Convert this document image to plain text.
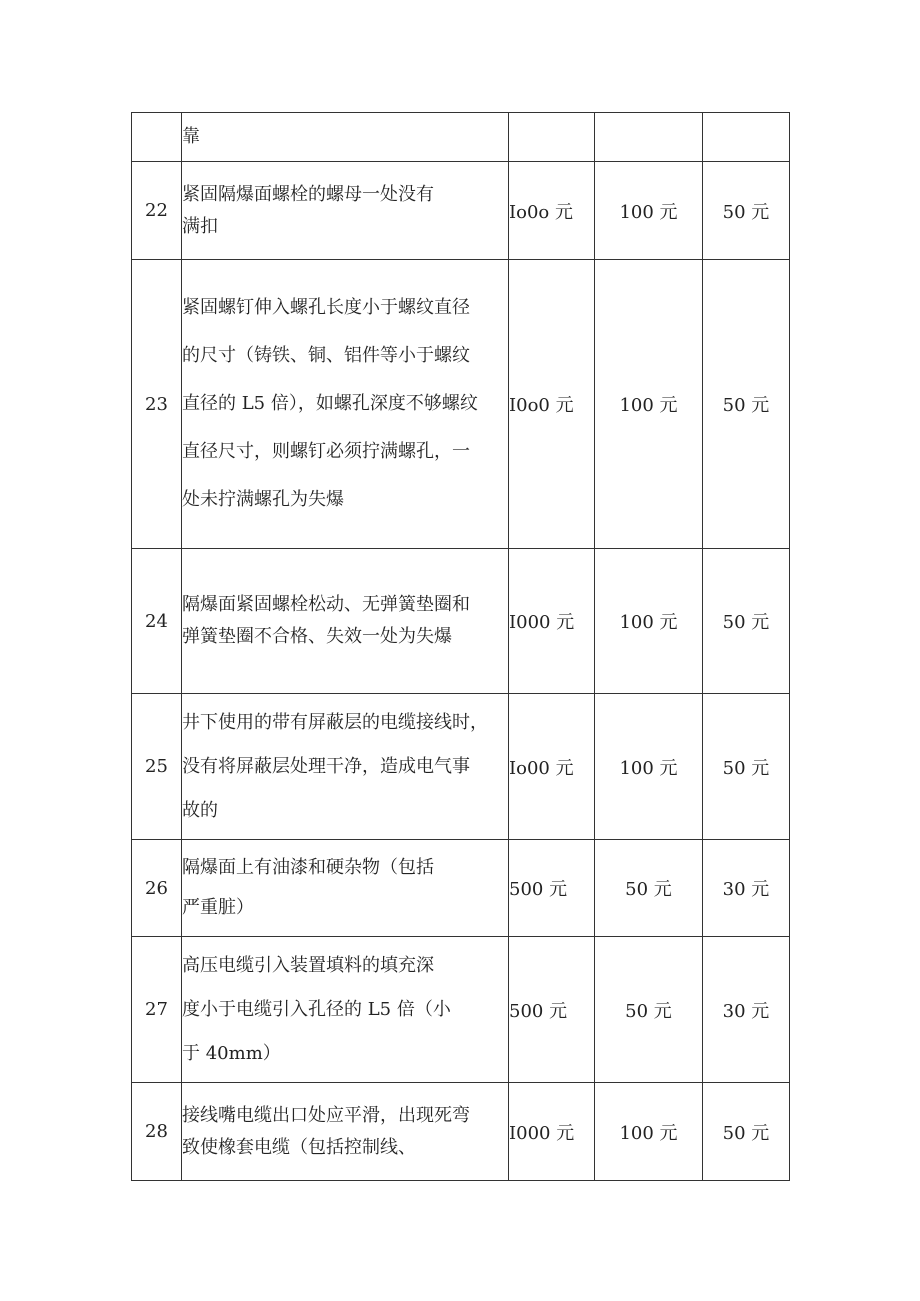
	靠			

22	紧固隔爆面螺栓的螺母一处没有
满扣	Io0o 元	100 元	50 元
23	紧固螺钉伸入螺孔长度小于螺纹直径
的尺寸（铸铁、铜、铝件等小于螺纹
直径的 L5 倍），如螺孔深度不够螺纹
直径尺寸，则螺钉必须拧满螺孔，一
处未拧满螺孔为失爆	I0o0 元	100 元	50 元
24	隔爆面紧固螺栓松动、无弹簧垫圈和
弹簧垫圈不合格、失效一处为失爆	I000 元	100 元	50 元
25	井下使用的带有屏蔽层的电缆接线时，
没有将屏蔽层处理干净，造成电气事
故的	Io00 元	100 元	50 元
26	隔爆面上有油漆和硬杂物（包括
严重脏）	500 元	50 元	30 元
27	高压电缆引入装置填料的填充深
度小于电缆引入孔径的 L5 倍（小
于 40mm）	500 元	50 元	30 元
28	接线嘴电缆出口处应平滑，出现死弯
致使橡套电缆（包括控制线、	I000 元	100 元	50 元
